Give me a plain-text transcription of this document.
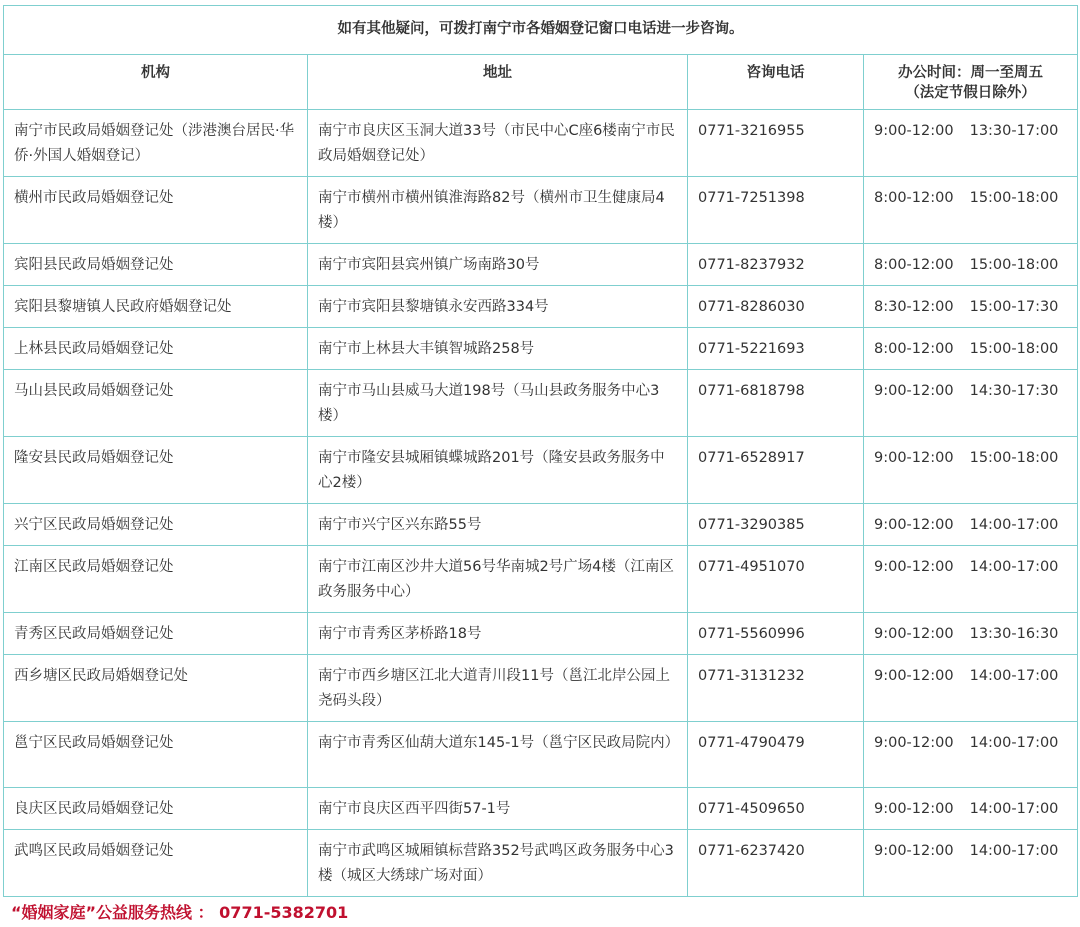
如有其他疑问，可拨打南宁市各婚姻登记窗口电话进一步咨询。			
机构	地址	咨询电话	办公时间：周一至周五
（法定节假日除外）

南宁市民政局婚姻登记处（涉港澳台居民·华侨·外国人婚姻登记）	南宁市良庆区玉洞大道33号（市民中心C座6楼南宁市民政局婚姻登记处）	0771-3216955	9:00-12:00 13:30-17:00
横州市民政局婚姻登记处	南宁市横州市横州镇淮海路82号（横州市卫生健康局4楼）	0771-7251398	8:00-12:00 15:00-18:00
宾阳县民政局婚姻登记处	南宁市宾阳县宾州镇广场南路30号	0771-8237932	8:00-12:00 15:00-18:00
宾阳县黎塘镇人民政府婚姻登记处	南宁市宾阳县黎塘镇永安西路334号	0771-8286030	8:30-12:00 15:00-17:30
上林县民政局婚姻登记处	南宁市上林县大丰镇智城路258号	0771-5221693	8:00-12:00 15:00-18:00
马山县民政局婚姻登记处	南宁市马山县威马大道198号（马山县政务服务中心3楼）	0771-6818798	9:00-12:00 14:30-17:30
隆安县民政局婚姻登记处	南宁市隆安县城厢镇蝶城路201号（隆安县政务服务中心2楼）	0771-6528917	9:00-12:00 15:00-18:00
兴宁区民政局婚姻登记处	南宁市兴宁区兴东路55号	0771-3290385	9:00-12:00 14:00-17:00
江南区民政局婚姻登记处	南宁市江南区沙井大道56号华南城2号广场4楼（江南区政务服务中心）	0771-4951070	9:00-12:00 14:00-17:00
青秀区民政局婚姻登记处	南宁市青秀区茅桥路18号	0771-5560996	9:00-12:00 13:30-16:30
西乡塘区民政局婚姻登记处	南宁市西乡塘区江北大道青川段11号（邕江北岸公园上尧码头段）	0771-3131232	9:00-12:00 14:00-17:00
邕宁区民政局婚姻登记处	南宁市青秀区仙葫大道东145-1号（邕宁区民政局院内）	0771-4790479	9:00-12:00 14:00-17:00
良庆区民政局婚姻登记处	南宁市良庆区西平四街57-1号	0771-4509650	9:00-12:00 14:00-17:00
武鸣区民政局婚姻登记处	南宁市武鸣区城厢镇标营路352号武鸣区政务服务中心3楼（城区大绣球广场对面）	0771-6237420	9:00-12:00 14:00-17:00
“婚姻家庭”公益服务热线 ： 0771-5382701
